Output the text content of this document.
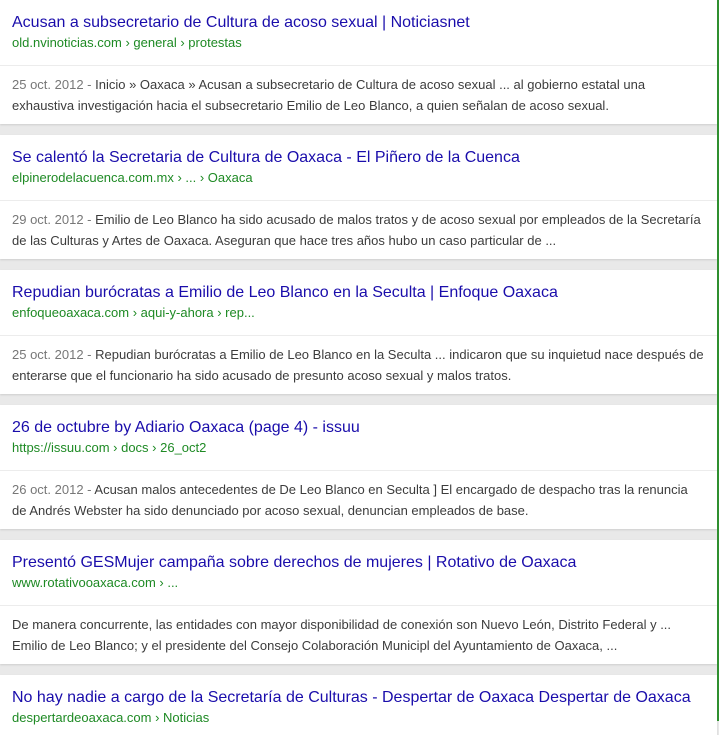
Acusan a subsecretario de Cultura de acoso sexual | Noticiasnet
old.nvinoticias.com › general › protestas
25 oct. 2012 - Inicio » Oaxaca » Acusan a subsecretario de Cultura de acoso sexual ... al gobierno estatal una exhaustiva investigación hacia el subsecretario Emilio de Leo Blanco, a quien señalan de acoso sexual.
Se calentó la Secretaria de Cultura de Oaxaca - El Piñero de la Cuenca
elpinerodelacuenca.com.mx › ... › Oaxaca
29 oct. 2012 - Emilio de Leo Blanco ha sido acusado de malos tratos y de acoso sexual por empleados de la Secretaría de las Culturas y Artes de Oaxaca. Aseguran que hace tres años hubo un caso particular de ...
Repudian burócratas a Emilio de Leo Blanco en la Seculta | Enfoque Oaxaca
enfoqueoaxaca.com › aqui-y-ahora › rep...
25 oct. 2012 - Repudian burócratas a Emilio de Leo Blanco en la Seculta ... indicaron que su inquietud nace después de enterarse que el funcionario ha sido acusado de presunto acoso sexual y malos tratos.
26 de octubre by Adiario Oaxaca (page 4) - issuu
https://issuu.com › docs › 26_oct2
26 oct. 2012 - Acusan malos antecedentes de De Leo Blanco en Seculta ] El encargado de despacho tras la renuncia de Andrés Webster ha sido denunciado por acoso sexual, denuncian empleados de base.
Presentó GESMujer campaña sobre derechos de mujeres | Rotativo de Oaxaca
www.rotativooaxaca.com › ...
De manera concurrente, las entidades con mayor disponibilidad de conexión son Nuevo León, Distrito Federal y ... Emilio de Leo Blanco; y el presidente del Consejo Colaboración Municipl del Ayuntamiento de Oaxaca, ...
No hay nadie a cargo de la Secretaría de Culturas - Despertar de Oaxaca Despertar de Oaxaca
despertardeoaxaca.com › Noticias
